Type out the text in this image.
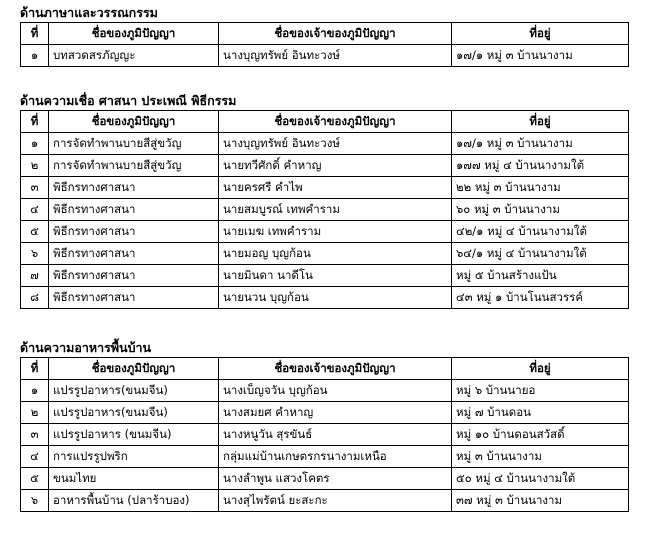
ด้านภาษาและวรรณกรรม
ที่	ชื่อของภูมิปัญญา	ชื่อของเจ้าของภูมิปัญญา	ที่อยู่
๑	บทสวดสรภัญญะ	นางบุญทรัพย์ อินทะวงษ์	๑๗/๑ หมู่ ๓ บ้านนางาม
ด้านความเชื่อ ศาสนา ประเพณี พิธีกรรม
ที่	ชื่อของภูมิปัญญา	ชื่อของเจ้าของภูมิปัญญา	ที่อยู่
๑	การจัดทำพานบายสีสู่ขวัญ	นางบุญทรัพย์ อินทะวงษ์	๑๗/๑ หมู่ ๓ บ้านนางาม
๒	การจัดทำพานบายสีสู่ขวัญ	นายทวีศักดิ์ คำหาญ	๑๗๗ หมู่ ๔ บ้านนางามใต้
๓	พิธีกรทางศาสนา	นายครศรี คำไพ	๒๒ หมู่ ๓ บ้านนางาม
๔	พิธีกรทางศาสนา	นายสมบูรณ์ เทพคำราม	๖๐ หมู่ ๓ บ้านนางาม
๕	พิธีกรทางศาสนา	นายเมฆ เทพคำราม	๔๒/๑ หมู่ ๔ บ้านนางามใต้
๖	พิธีกรทางศาสนา	นายมอญ บุญก้อน	๖๔/๑ หมู่ ๔ บ้านนางามใต้
๗	พิธีกรทางศาสนา	นายมินดา นาดีโน	หมู่ ๕ บ้านสร้างแป้น
๘	พิธีกรทางศาสนา	นายนวน บุญก้อน	๔๓ หมู่ ๑ บ้านโนนสวรรค์
ด้านความอาหารพื้นบ้าน
ที่	ชื่อของภูมิปัญญา	ชื่อของเจ้าของภูมิปัญญา	ที่อยู่
๑	แปรรูปอาหาร(ขนมจีน)	นางเบ็ญจวัน บุญก้อน	หมู่ ๖ บ้านนายอ
๒	แปรรูปอาหาร(ขนมจีน)	นางสมยศ คำหาญ	หมู่ ๗ บ้านดอน
๓	แปรรูปอาหาร (ขนมจีน)	นางหนูวัน สุรขันธ์	หมู่ ๑๐ บ้านดอนสวัสดิ์
๔	การแปรรูปพริก	กลุ่มแม่บ้านเกษตรกรนางามเหนือ	หมู่ ๓ บ้านนางาม
๕	ขนมไทย	นางลำพูน แสวงโคตร	๕๐ หมู่ ๔ บ้านนางามใต้
๖	อาหารพื้นบ้าน (ปลาร้าบอง)	นางสุไพรัตน์ ยะสะกะ	๓๗ หมู่ ๓ บ้านนางาม
